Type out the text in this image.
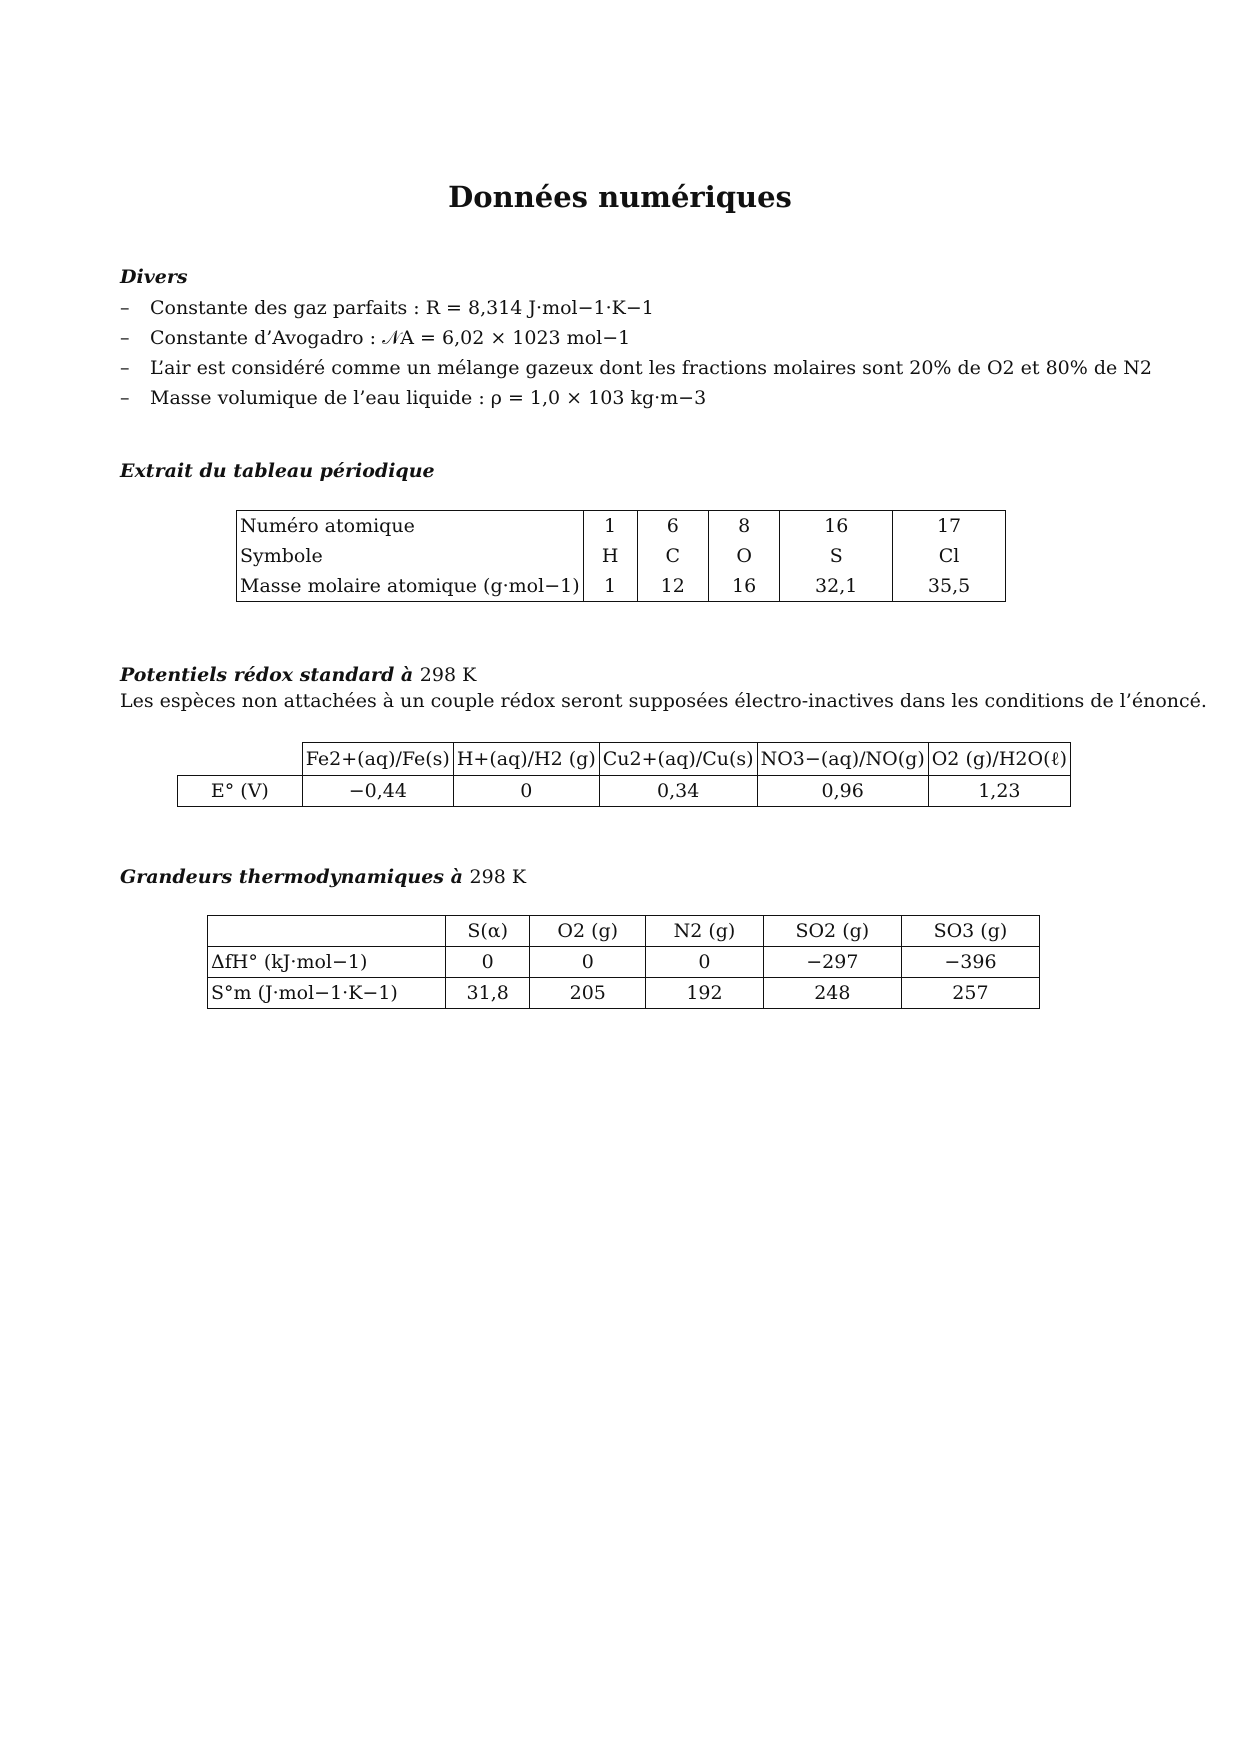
Données numériques
Divers
– Constante des gaz parfaits : R = 8,314 J·mol−1·K−1
– Constante d’Avogadro : 𝒩A = 6,02 × 1023 mol−1
– L’air est considéré comme un mélange gazeux dont les fractions molaires sont 20% de O2 et 80% de N2
– Masse volumique de l’eau liquide : ρ = 1,0 × 103 kg·m−3
Extrait du tableau périodique
Numéro atomique	1	6	8	16	17
Symbole	H	C	O	S	Cl
Masse molaire atomique (g·mol−1)	1	12	16	32,1	35,5
Potentiels rédox standard à 298 K
Les espèces non attachées à un couple rédox seront supposées électro-inactives dans les conditions de l’énoncé.
	Fe2+(aq)/Fe(s)	H+(aq)/H2 (g)	Cu2+(aq)/Cu(s)	NO3−(aq)/NO(g)	O2 (g)/H2O(ℓ)
E° (V)	−0,44	0	0,34	0,96	1,23
Grandeurs thermodynamiques à 298 K
	S(α)	O2 (g)	N2 (g)	SO2 (g)	SO3 (g)
ΔfH° (kJ·mol−1)	0	0	0	−297	−396
S°m (J·mol−1·K−1)	31,8	205	192	248	257
